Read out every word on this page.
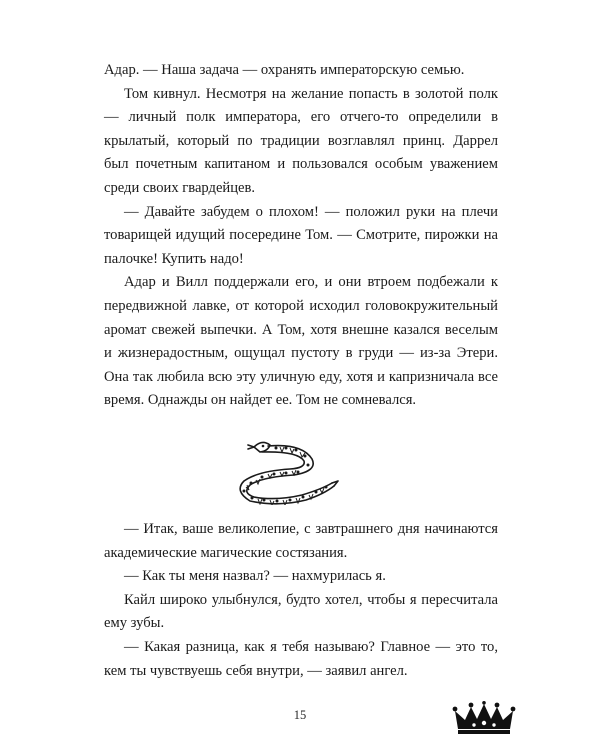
Адар. — Наша задача — охранять императорскую семью.

Том кивнул. Несмотря на желание попасть в золотой полк — личный полк императора, его отчего-то определили в крылатый, который по традиции возглавлял принц. Даррел был почетным капитаном и пользовался особым уважением среди своих гвардейцев.

— Давайте забудем о плохом! — положил руки на плечи товарищей идущий посередине Том. — Смотрите, пирожки на палочке! Купить надо!

Адар и Вилл поддержали его, и они втроем подбежали к передвижной лавке, от которой исходил головокружительный аромат свежей выпечки. А Том, хотя внешне казался веселым и жизнерадостным, ощущал пустоту в груди — из-за Этери. Она так любила всю эту уличную еду, хотя и капризничала все время. Однажды он найдет ее. Том не сомневался.

— Итак, ваше великолепие, с завтрашнего дня начинаются академические магические состязания.

— Как ты меня назвал? — нахмурилась я.

Кайл широко улыбнулся, будто хотел, чтобы я пересчитала ему зубы.

— Какая разница, как я тебя называю? Главное — это то, кем ты чувствуешь себя внутри, — заявил ангел.

15
